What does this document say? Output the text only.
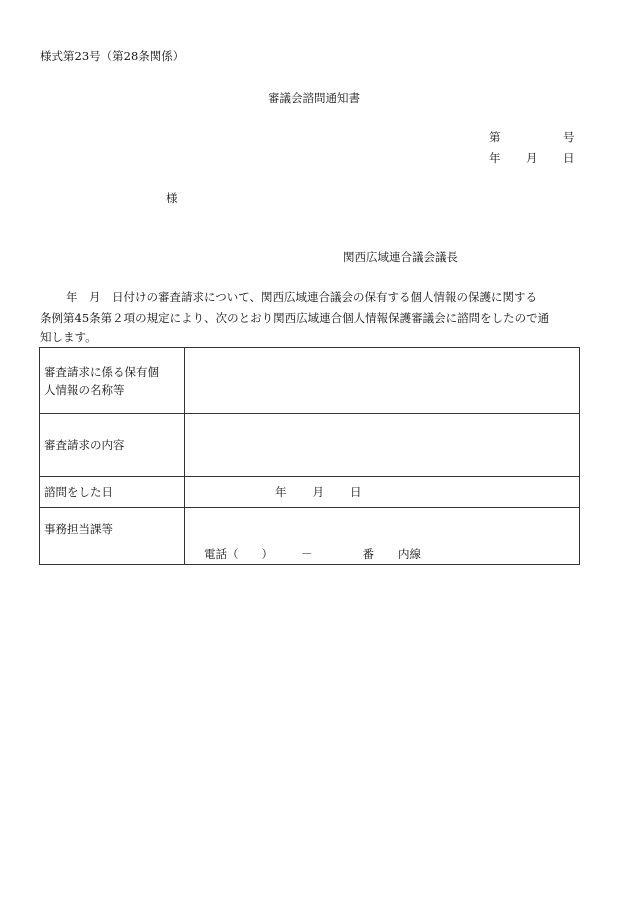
様式第23号（第28条関係）
審議会諮問通知書
第	号
年 月 日
様
関西広域連合議会議長
年　月　日付けの審査請求について、関西広域連合議会の保有する個人情報の保護に関する
条例第45条第２項の規定により、次のとおり関西広域連合個人情報保護審議会に諮問をしたので通
知します。
審査請求に係る保有個
人情報の名称等	

審査請求の内容	
諮問をした日	年 月 日
事務担当課等	電話（　　） － 番 内線
